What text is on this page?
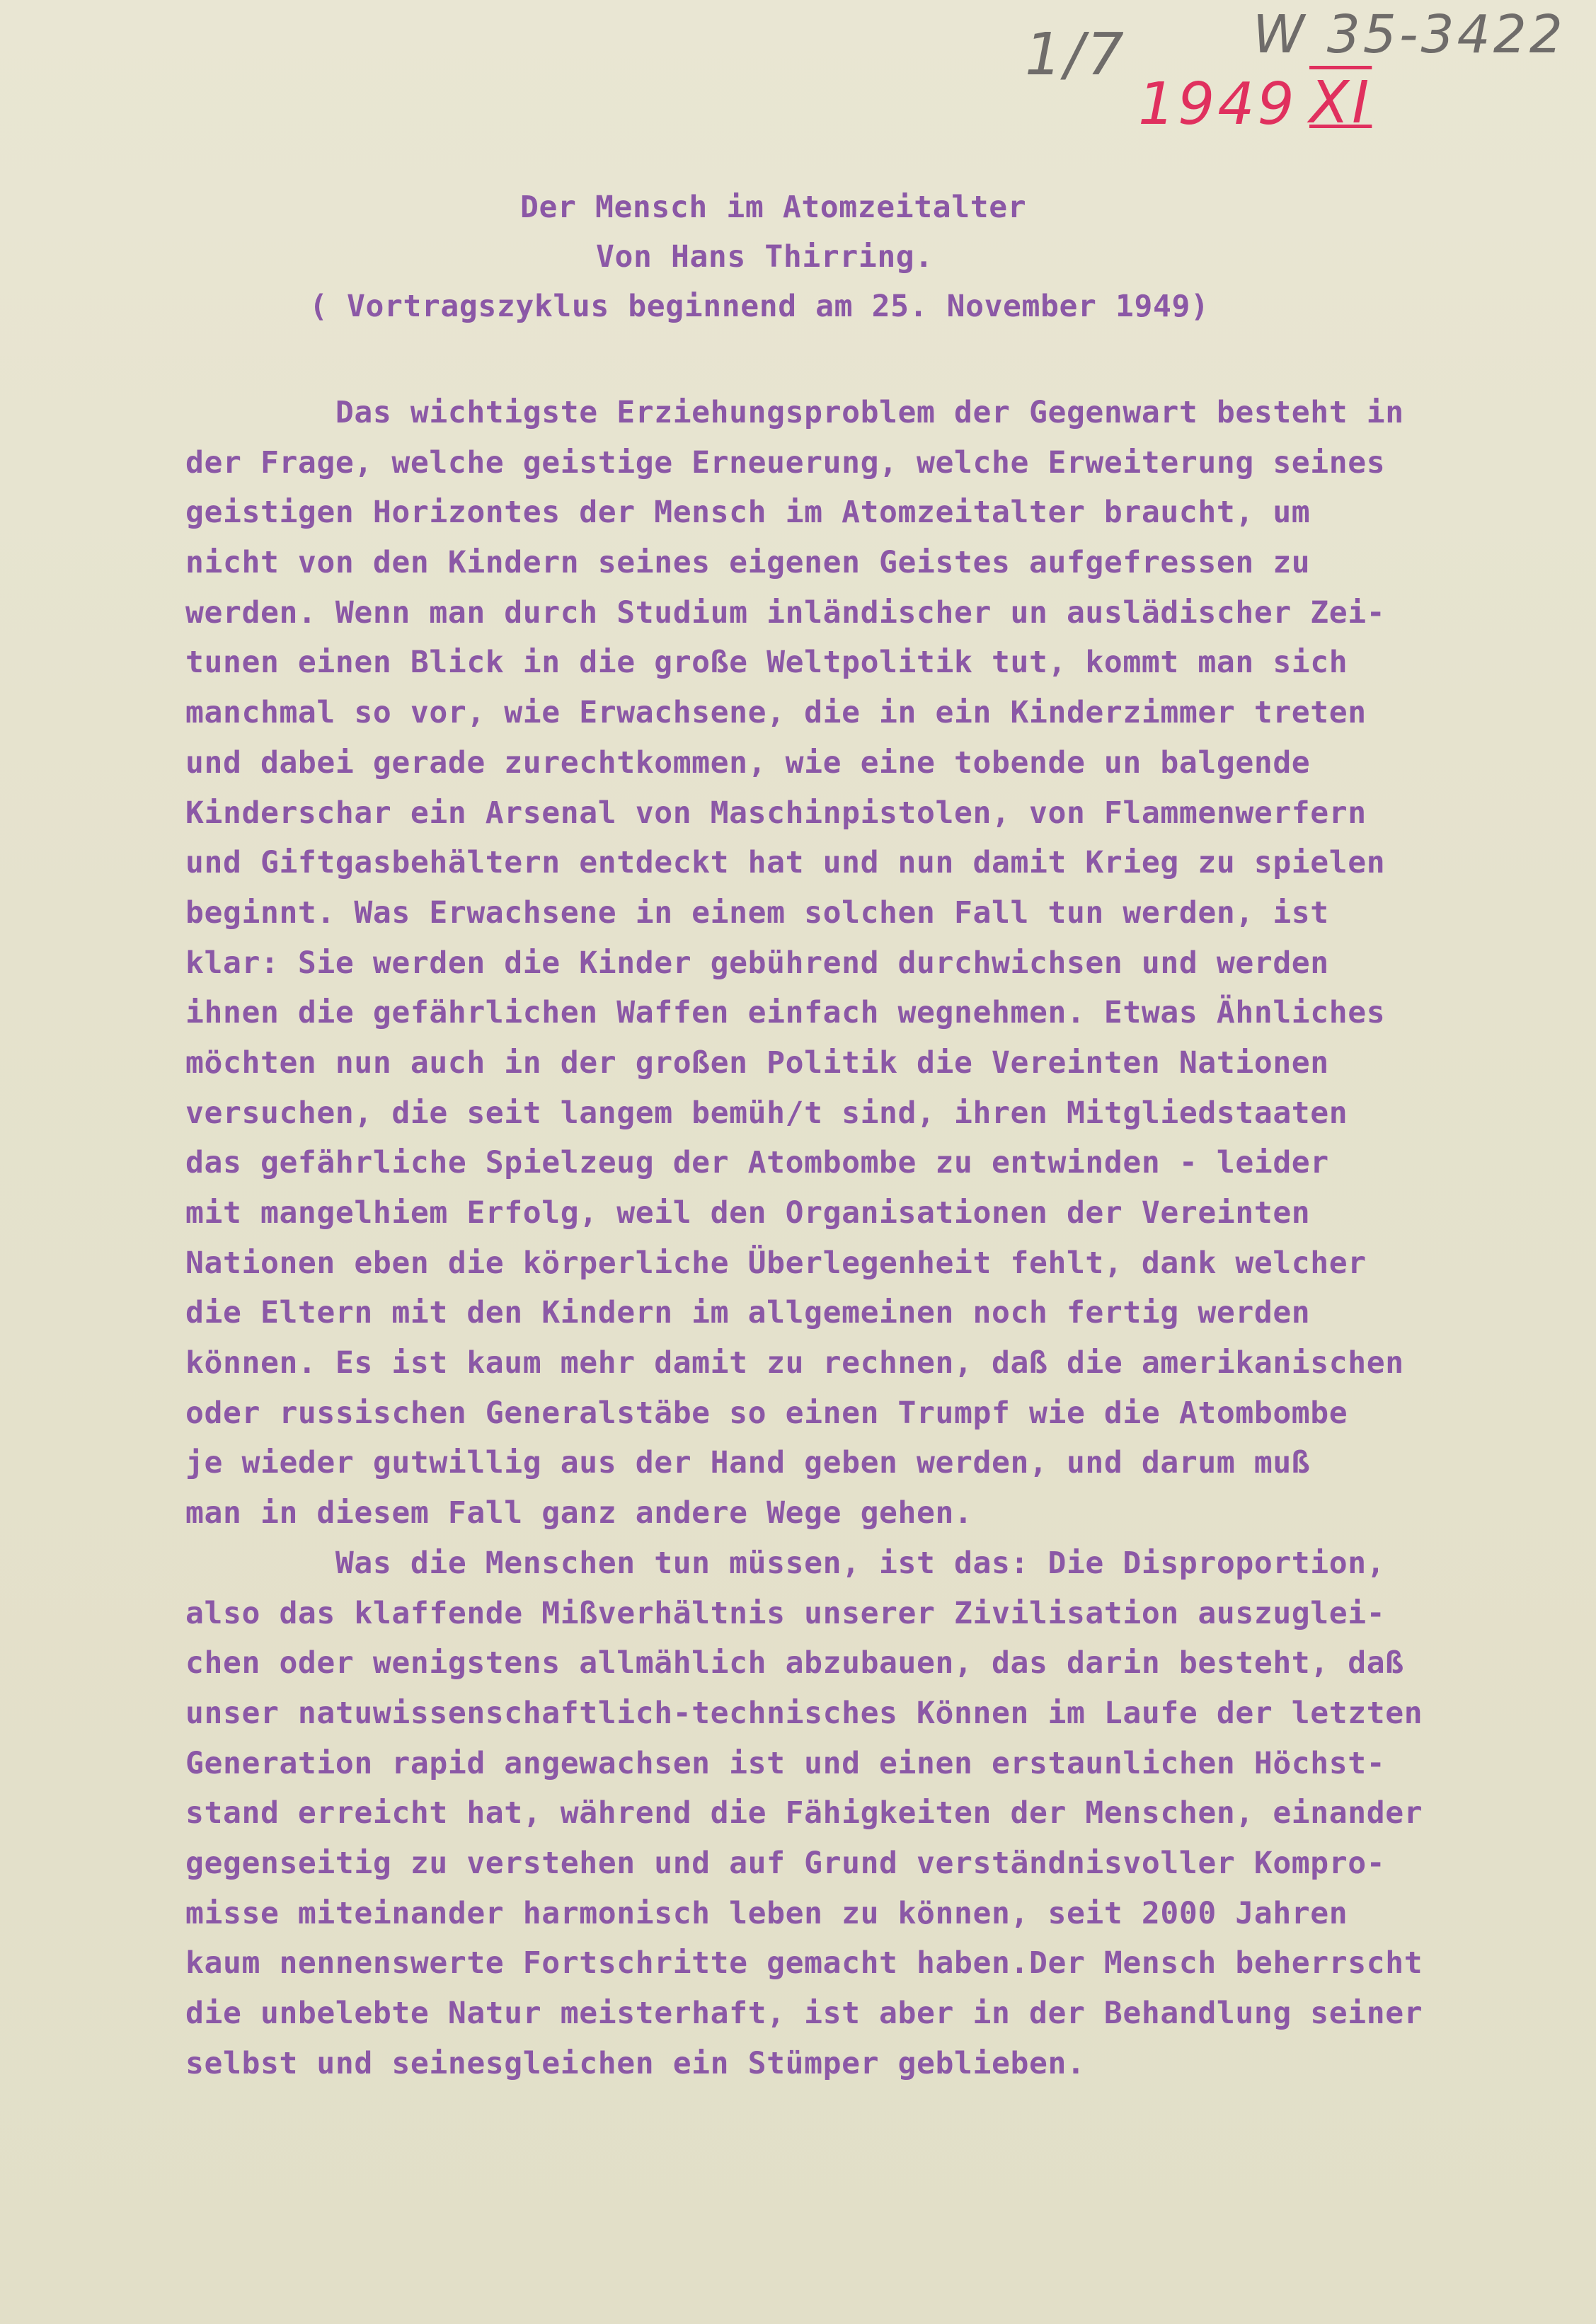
1/7 W 35-3422
1949 XI
Der Mensch im Atomzeitalter
Von Hans Thirring.
( Vortragszyklus beginnend am 25. November 1949)
Das wichtigste Erziehungsproblem der Gegenwart besteht in
der Frage, welche geistige Erneuerung, welche Erweiterung seines
geistigen Horizontes der Mensch im Atomzeitalter braucht, um
nicht von den Kindern seines eigenen Geistes aufgefressen zu
werden. Wenn man durch Studium inländischer un auslädischer Zei-
tunen einen Blick in die große Weltpolitik tut, kommt man sich
manchmal so vor, wie Erwachsene, die in ein Kinderzimmer treten
und dabei gerade zurechtkommen, wie eine tobende un balgende
Kinderschar ein Arsenal von Maschinpistolen, von Flammenwerfern
und Giftgasbehältern entdeckt hat und nun damit Krieg zu spielen
beginnt. Was Erwachsene in einem solchen Fall tun werden, ist
klar: Sie werden die Kinder gebührend durchwichsen und werden
ihnen die gefährlichen Waffen einfach wegnehmen. Etwas Ähnliches
möchten nun auch in der großen Politik die Vereinten Nationen
versuchen, die seit langem bemüh/t sind, ihren Mitgliedstaaten
das gefährliche Spielzeug der Atombombe zu entwinden - leider
mit mangelhiem Erfolg, weil den Organisationen der Vereinten
Nationen eben die körperliche Überlegenheit fehlt, dank welcher
die Eltern mit den Kindern im allgemeinen noch fertig werden
können. Es ist kaum mehr damit zu rechnen, daß die amerikanischen
oder russischen Generalstäbe so einen Trumpf wie die Atombombe
je wieder gutwillig aus der Hand geben werden, und darum muß
man in diesem Fall ganz andere Wege gehen.
Was die Menschen tun müssen, ist das: Die Disproportion,
also das klaffende Mißverhältnis unserer Zivilisation auszuglei-
chen oder wenigstens allmählich abzubauen, das darin besteht, daß
unser natuwissenschaftlich-technisches Können im Laufe der letzten
Generation rapid angewachsen ist und einen erstaunlichen Höchst-
stand erreicht hat, während die Fähigkeiten der Menschen, einander
gegenseitig zu verstehen und auf Grund verständnisvoller Kompro-
misse miteinander harmonisch leben zu können, seit 2000 Jahren
kaum nennenswerte Fortschritte gemacht haben.Der Mensch beherrscht
die unbelebte Natur meisterhaft, ist aber in der Behandlung seiner
selbst und seinesgleichen ein Stümper geblieben.
